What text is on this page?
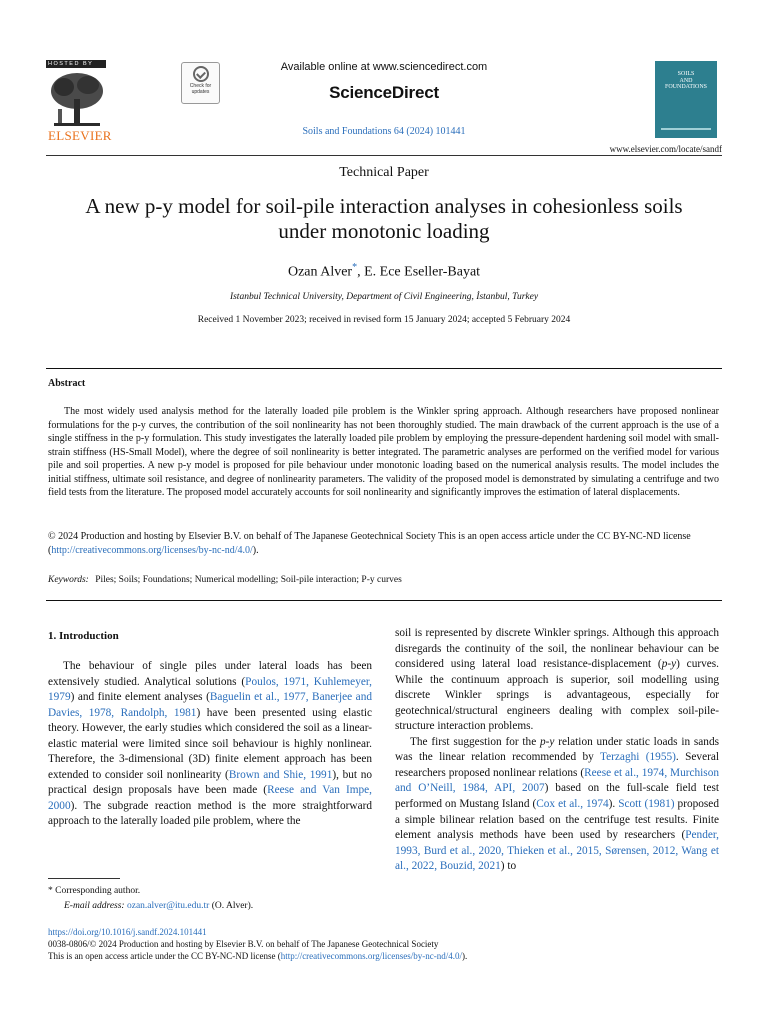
HOSTED BY
ELSEVIER
Check for
updates
Available online at www.sciencedirect.com
ScienceDirect
Soils and Foundations 64 (2024) 101441
SOILS
AND
FOUNDATIONS
www.elsevier.com/locate/sandf
Technical Paper
A new p-y model for soil-pile interaction analyses in cohesionless soils under monotonic loading
Ozan Alver*, E. Ece Eseller-Bayat
Istanbul Technical University, Department of Civil Engineering, İstanbul, Turkey
Received 1 November 2023; received in revised form 15 January 2024; accepted 5 February 2024
Abstract
The most widely used analysis method for the laterally loaded pile problem is the Winkler spring approach. Although researchers have proposed nonlinear formulations for the p-y curves, the contribution of the soil nonlinearity has not been thoroughly studied. The main drawback of the current approach is the use of a single stiffness in the p-y formulation. This study investigates the laterally loaded pile problem by employing the pressure-dependent hardening soil model with small-strain stiffness (HS-Small Model), where the degree of soil nonlinearity is better integrated. The parametric analyses are performed on the verified model for various pile and soil properties. A new p-y model is proposed for pile behaviour under monotonic loading based on the numerical analysis results. The model includes the initial stiffness, ultimate soil resistance, and degree of nonlinearity parameters. The validity of the proposed model is demonstrated by simulating a centrifuge and two field tests from the literature. The proposed model accurately accounts for soil nonlinearity and significantly improves the estimation of lateral displacements.
© 2024 Production and hosting by Elsevier B.V. on behalf of The Japanese Geotechnical Society This is an open access article under the CC BY-NC-ND license (http://creativecommons.org/licenses/by-nc-nd/4.0/).
Keywords: Piles; Soils; Foundations; Numerical modelling; Soil-pile interaction; P-y curves
1. Introduction

The behaviour of single piles under lateral loads has been extensively studied. Analytical solutions (Poulos, 1971, Kuhlemeyer, 1979) and finite element analyses (Baguelin et al., 1977, Banerjee and Davies, 1978, Randolph, 1981) have been presented using elastic theory. However, the early studies which considered the soil as a linear-elastic material were limited since soil behaviour is highly nonlinear. Therefore, the 3-dimensional (3D) finite element approach has been extended to consider soil nonlinearity (Brown and Shie, 1991), but no practical design proposals have been made (Reese and Van Impe, 2000). The subgrade reaction method is the more straightforward approach to the laterally loaded pile problem, where the

soil is represented by discrete Winkler springs. Although this approach disregards the continuity of the soil, the nonlinear behaviour can be considered using lateral load resistance-displacement (p-y) curves. While the continuum approach is superior, soil modelling using discrete Winkler springs is advantageous, especially for geotechnical/structural engineers dealing with complex soil-pile-structure interaction problems.

The first suggestion for the p-y relation under static loads in sands was the linear relation recommended by Terzaghi (1955). Several researchers proposed nonlinear relations (Reese et al., 1974, Murchison and O’Neill, 1984, API, 2007) based on the full-scale field test performed on Mustang Island (Cox et al., 1974). Scott (1981) proposed a simple bilinear relation based on the centrifuge test results. Finite element analysis methods have been used by researchers (Pender, 1993, Burd et al., 2020, Thieken et al., 2015, Sørensen, 2012, Wang et al., 2022, Bouzid, 2021) to

* Corresponding author.
E-mail address: ozan.alver@itu.edu.tr (O. Alver).
https://doi.org/10.1016/j.sandf.2024.101441
0038-0806/© 2024 Production and hosting by Elsevier B.V. on behalf of The Japanese Geotechnical Society
This is an open access article under the CC BY-NC-ND license (http://creativecommons.org/licenses/by-nc-nd/4.0/).
